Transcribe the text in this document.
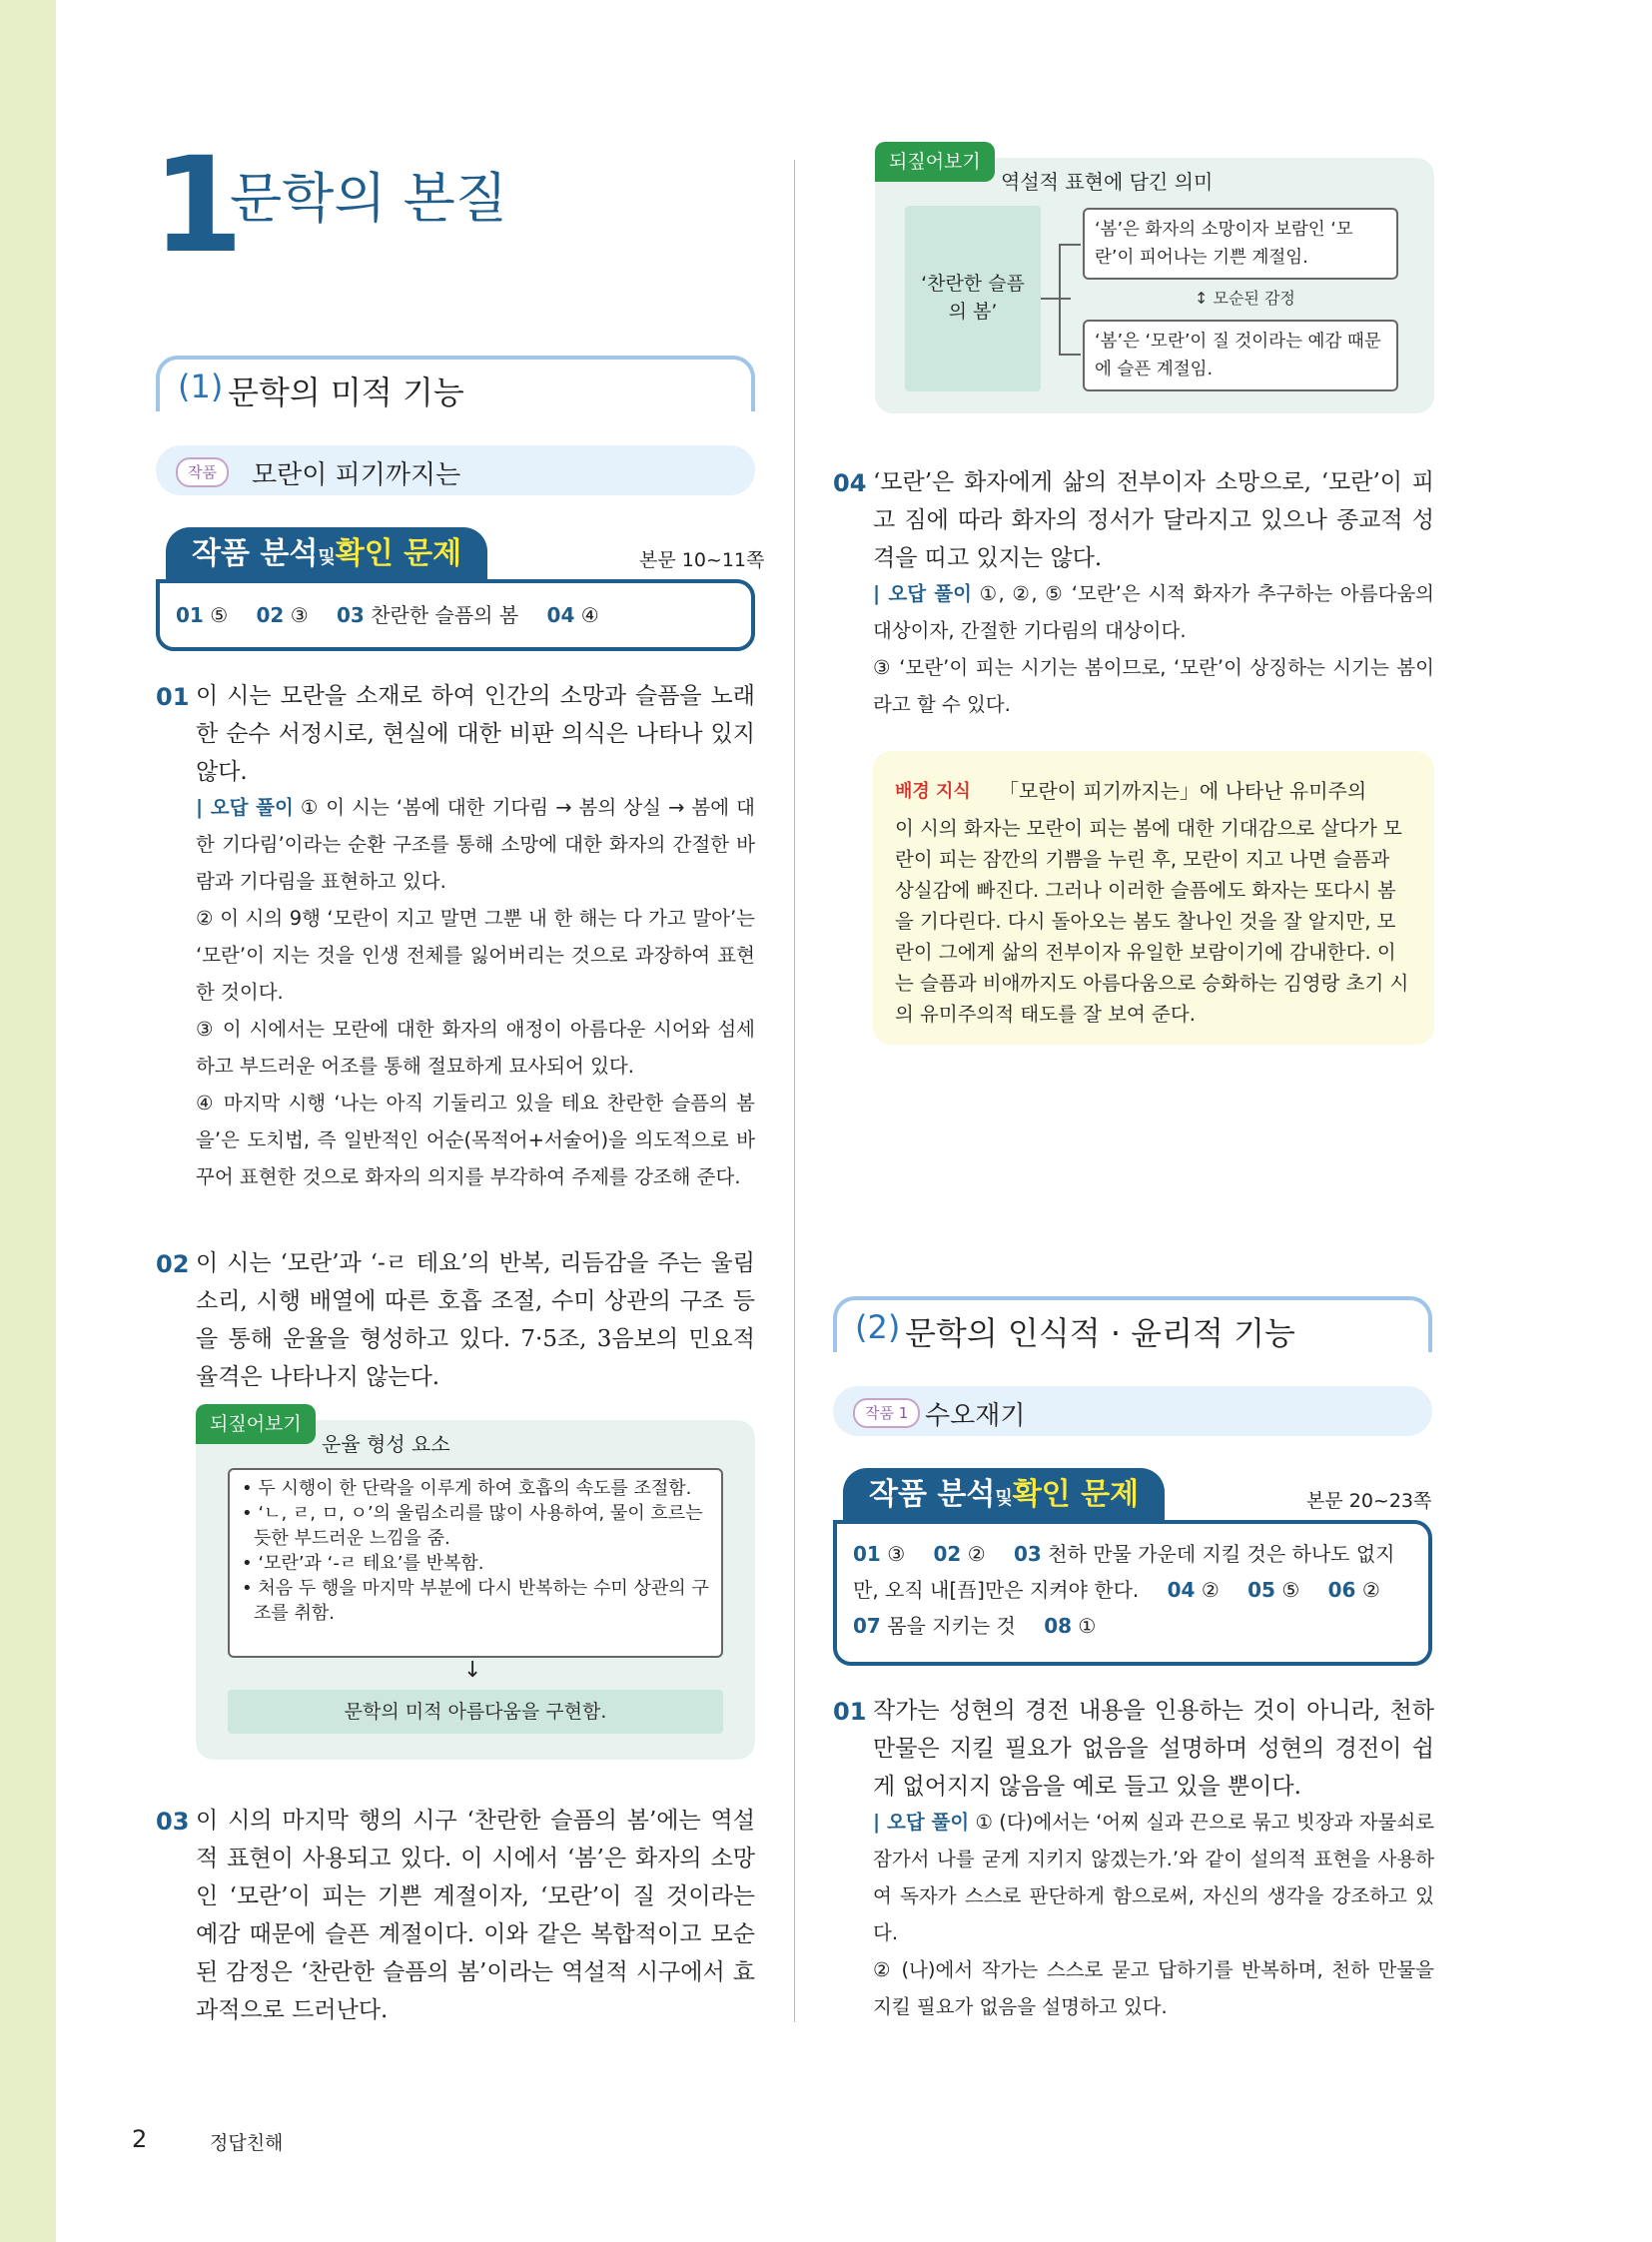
1
문학의 본질
(1) 문학의 미적 기능
작품	모란이 피기까지는
작품 분석및확인 문제	본문 10~11쪽
01 ⑤ 02 ③ 03 찬란한 슬픔의 봄 04 ④
01 이 시는 모란을 소재로 하여 인간의 소망과 슬픔을 노래한 순수 서정시로, 현실에 대한 비판 의식은 나타나 있지 않다.
| 오답 풀이 ① 이 시는 ‘봄에 대한 기다림 → 봄의 상실 → 봄에 대한 기다림’이라는 순환 구조를 통해 소망에 대한 화자의 간절한 바람과 기다림을 표현하고 있다.
② 이 시의 9행 ‘모란이 지고 말면 그뿐 내 한 해는 다 가고 말아’는 ‘모란’이 지는 것을 인생 전체를 잃어버리는 것으로 과장하여 표현한 것이다.
③ 이 시에서는 모란에 대한 화자의 애정이 아름다운 시어와 섬세하고 부드러운 어조를 통해 절묘하게 묘사되어 있다.
④ 마지막 시행 ‘나는 아직 기둘리고 있을 테요 찬란한 슬픔의 봄을’은 도치법, 즉 일반적인 어순(목적어+서술어)을 의도적으로 바꾸어 표현한 것으로 화자의 의지를 부각하여 주제를 강조해 준다.
02 이 시는 ‘모란’과 ‘-ㄹ 테요’의 반복, 리듬감을 주는 울림소리, 시행 배열에 따른 호흡 조절, 수미 상관의 구조 등을 통해 운율을 형성하고 있다. 7·5조, 3음보의 민요적 율격은 나타나지 않는다.
되짚어보기
운율 형성 요소
• 두 시행이 한 단락을 이루게 하여 호흡의 속도를 조절함.
• ‘ㄴ, ㄹ, ㅁ, ㅇ’의 울림소리를 많이 사용하여, 물이 흐르는 듯한 부드러운 느낌을 줌.
• ‘모란’과 ‘-ㄹ 테요’를 반복함.
• 처음 두 행을 마지막 부분에 다시 반복하는 수미 상관의 구조를 취함.
↓
문학의 미적 아름다움을 구현함.
03 이 시의 마지막 행의 시구 ‘찬란한 슬픔의 봄’에는 역설적 표현이 사용되고 있다. 이 시에서 ‘봄’은 화자의 소망인 ‘모란’이 피는 기쁜 계절이자, ‘모란’이 질 것이라는 예감 때문에 슬픈 계절이다. 이와 같은 복합적이고 모순된 감정은 ‘찬란한 슬픔의 봄’이라는 역설적 시구에서 효과적으로 드러난다.
되짚어보기
역설적 표현에 담긴 의미
‘찬란한 슬픔의 봄’
‘봄’은 화자의 소망이자 보람인 ‘모란’이 피어나는 기쁜 계절임.
↕ 모순된 감정
‘봄’은 ‘모란’이 질 것이라는 예감 때문에 슬픈 계절임.
04 ‘모란’은 화자에게 삶의 전부이자 소망으로, ‘모란’이 피고 짐에 따라 화자의 정서가 달라지고 있으나 종교적 성격을 띠고 있지는 않다.
| 오답 풀이 ①, ②, ⑤ ‘모란’은 시적 화자가 추구하는 아름다움의 대상이자, 간절한 기다림의 대상이다.
③ ‘모란’이 피는 시기는 봄이므로, ‘모란’이 상징하는 시기는 봄이라고 할 수 있다.
배경 지식 「모란이 피기까지는」에 나타난 유미주의
이 시의 화자는 모란이 피는 봄에 대한 기대감으로 살다가 모란이 피는 잠깐의 기쁨을 누린 후, 모란이 지고 나면 슬픔과 상실감에 빠진다. 그러나 이러한 슬픔에도 화자는 또다시 봄을 기다린다. 다시 돌아오는 봄도 찰나인 것을 잘 알지만, 모란이 그에게 삶의 전부이자 유일한 보람이기에 감내한다. 이는 슬픔과 비애까지도 아름다움으로 승화하는 김영랑 초기 시의 유미주의적 태도를 잘 보여 준다.
(2) 문학의 인식적 · 윤리적 기능
작품 1 수오재기
작품 분석및확인 문제	본문 20~23쪽
01 ③ 02 ② 03 천하 만물 가운데 지킬 것은 하나도 없지만, 오직 내[吾]만은 지켜야 한다. 04 ② 05 ⑤ 06 ②
07 몸을 지키는 것 08 ①
01 작가는 성현의 경전 내용을 인용하는 것이 아니라, 천하 만물은 지킬 필요가 없음을 설명하며 성현의 경전이 쉽게 없어지지 않음을 예로 들고 있을 뿐이다.
| 오답 풀이 ① (다)에서는 ‘어찌 실과 끈으로 묶고 빗장과 자물쇠로 잠가서 나를 굳게 지키지 않겠는가.’와 같이 설의적 표현을 사용하여 독자가 스스로 판단하게 함으로써, 자신의 생각을 강조하고 있다.
② (나)에서 작가는 스스로 묻고 답하기를 반복하며, 천하 만물을 지킬 필요가 없음을 설명하고 있다.
2	정답친해
